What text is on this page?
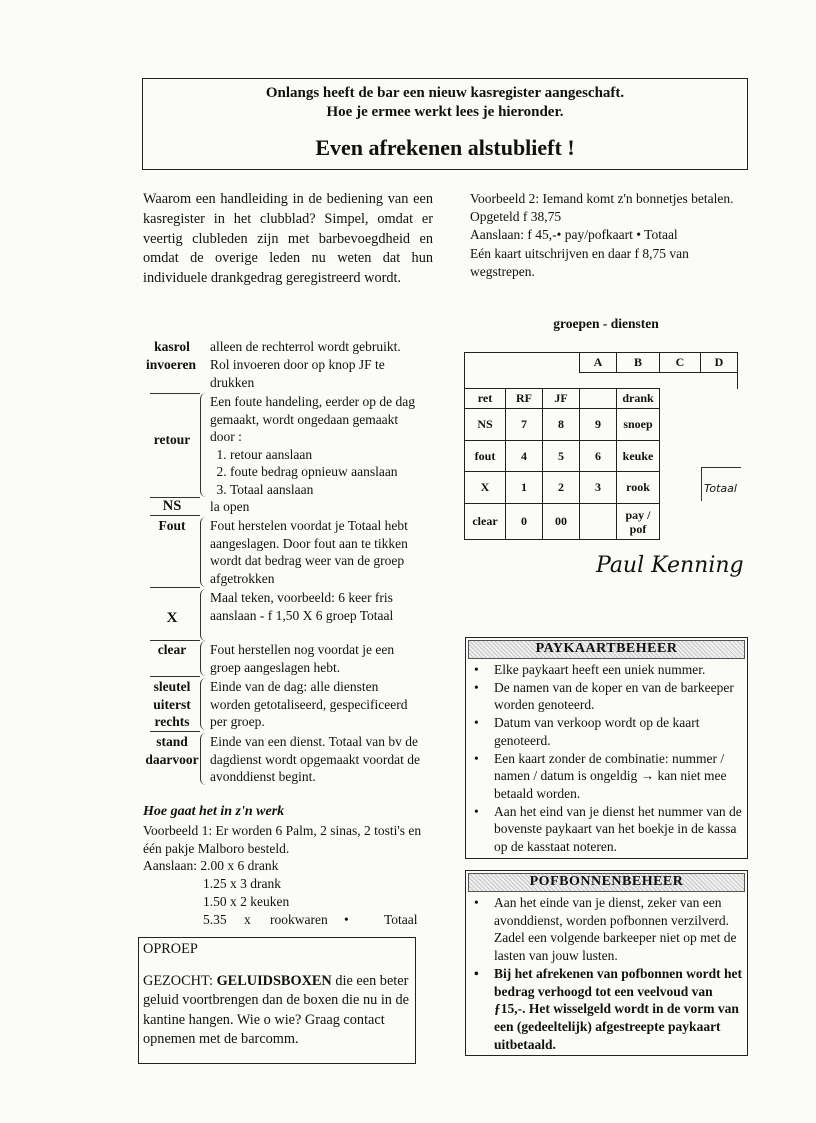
Onlangs heeft de bar een nieuw kasregister aangeschaft.
Hoe je ermee werkt lees je hieronder.
Even afrekenen alstublieft !
Waarom een handleiding in de bediening van een kasregister in het clubblad? Simpel, omdat er veertig clubleden zijn met barbevoegdheid en omdat de overige leden nu weten dat hun individuele drankgedrag geregistreerd wordt.
Voorbeeld 2: Iemand komt z'n bonnetjes betalen. Opgeteld f 38,75
Aanslaan: f 45,-• pay/pofkaart • Totaal
Eén kaart uitschrijven en daar f 8,75 van wegstrepen.
kasrol	alleen de rechterrol wordt gebruikt.
invoeren	Rol invoeren door op knop JF te drukken
retour
Een foute handeling, eerder op de dag gemaakt, wordt ongedaan gemaakt door :
1. retour aanslaan
2. foute bedrag opnieuw aanslaan
3. Totaal aanslaan
NS	la open
Fout	Fout herstelen voordat je Totaal hebt aangeslagen. Door fout aan te tikken wordt dat bedrag weer van de groep afgetrokken
X
Maal teken, voorbeeld: 6 keer fris aanslaan - f 1,50 X 6 groep Totaal
clear	Fout herstellen nog voordat je een groep aangeslagen hebt.
sleutel uiterst rechts
Einde van de dag: alle diensten worden getotaliseerd, gespecificeerd per groep.
stand daarvoor
Einde van een dienst. Totaal van bv de dagdienst wordt opgemaakt voordat de avonddienst begint.
Hoe gaat het in z'n werk
Voorbeeld 1: Er worden 6 Palm, 2 sinas, 2 tosti's en één pakje Malboro besteld.
Aanslaan: 2.00 x 6 drank
1.25 x 3 drank
1.50 x 2 keuken
5.35 x rookwaren •	Totaal
OPROEP
GEZOCHT: GELUIDSBOXEN die een beter geluid voortbrengen dan de boxen die nu in de kantine hangen. Wie o wie? Graag contact opnemen met de barcomm.
groepen - diensten
			A	B	C	D

ret	RF	JF		drank		
NS	7	8	9	snoep		
fout	4	5	6	keuke		
X	1	2	3	rook		
clear	0	00		pay / pof		
Totaal
Paul Kenning
PAYKAARTBEHEER
• Elke paykaart heeft een uniek nummer.
• De namen van de koper en van de barkeeper worden genoteerd.
• Datum van verkoop wordt op de kaart genoteerd.
• Een kaart zonder de combinatie: nummer / namen / datum is ongeldig → kan niet mee betaald worden.
• Aan het eind van je dienst het nummer van de bovenste paykaart van het boekje in de kassa op de kasstaat noteren.
POFBONNENBEHEER
• Aan het einde van je dienst, zeker van een avonddienst, worden pofbonnen verzilverd. Zadel een volgende barkeeper niet op met de lasten van jouw lusten.
• Bij het afrekenen van pofbonnen wordt het bedrag verhoogd tot een veelvoud van ƒ15,-. Het wisselgeld wordt in de vorm van een (gedeeltelijk) afgestreepte paykaart uitbetaald.
